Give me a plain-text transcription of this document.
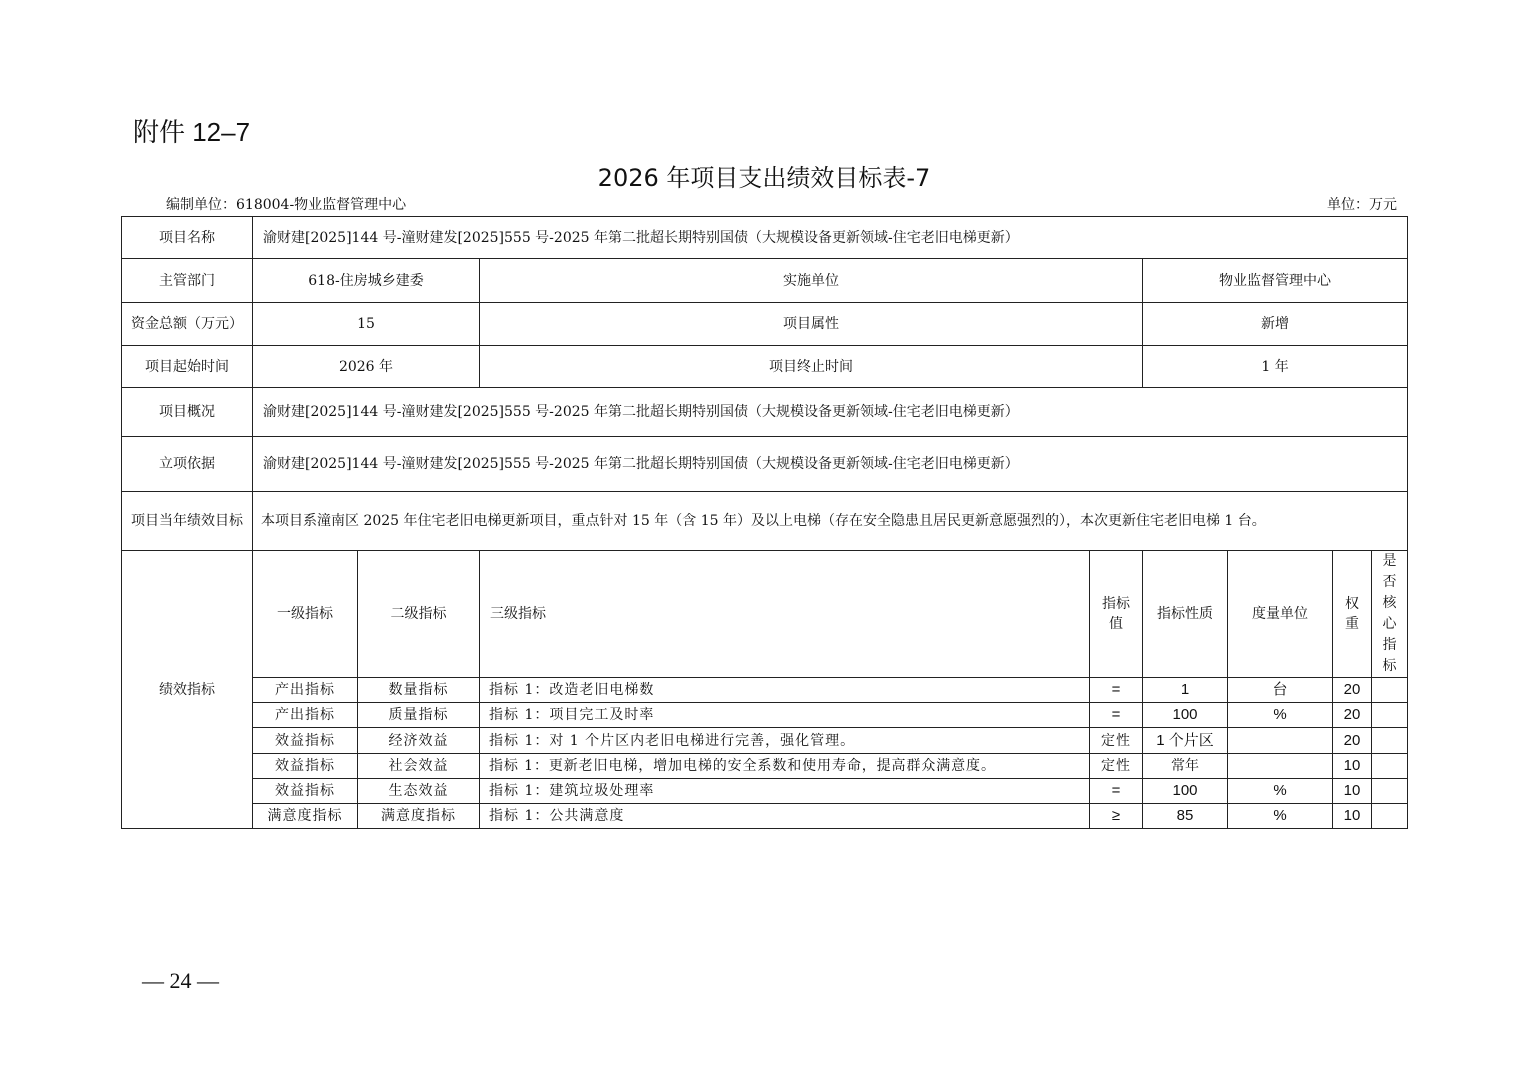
附件 12–7
2026 年项目支出绩效目标表-7
编制单位：618004-物业监督管理中心	单位：万元
项目名称	渝财建[2025]144 号-潼财建发[2025]555 号-2025 年第二批超长期特别国债（大规模设备更新领域-住宅老旧电梯更新）							
主管部门	618-住房城乡建委		实施单位		物业监督管理中心			
资金总额（万元）	15		项目属性		新增			
项目起始时间	2026 年		项目终止时间		1 年			
项目概况	渝财建[2025]144 号-潼财建发[2025]555 号-2025 年第二批超长期特别国债（大规模设备更新领域-住宅老旧电梯更新）							
立项依据	渝财建[2025]144 号-潼财建发[2025]555 号-2025 年第二批超长期特别国债（大规模设备更新领域-住宅老旧电梯更新）							
项目当年绩效目标	本项目系潼南区 2025 年住宅老旧电梯更新项目，重点针对 15 年（含 15 年）及以上电梯（存在安全隐患且居民更新意愿强烈的），本次更新住宅老旧电梯 1 台。							
绩效指标	一级指标	二级指标	三级指标	指标值	指标性质	度量单位	权重	是否核心指标
	产出指标	数量指标	指标 1：改造老旧电梯数	=	1	台	20	
	产出指标	质量指标	指标 1：项目完工及时率	=	100	%	20	
	效益指标	经济效益	指标 1：对 1 个片区内老旧电梯进行完善，强化管理。	定性	1 个片区		20	
	效益指标	社会效益	指标 1：更新老旧电梯，增加电梯的安全系数和使用寿命，提高群众满意度。	定性	常年		10	
	效益指标	生态效益	指标 1：建筑垃圾处理率	=	100	%	10	
	满意度指标	满意度指标	指标 1：公共满意度	≥	85	%	10	
— 24 —
